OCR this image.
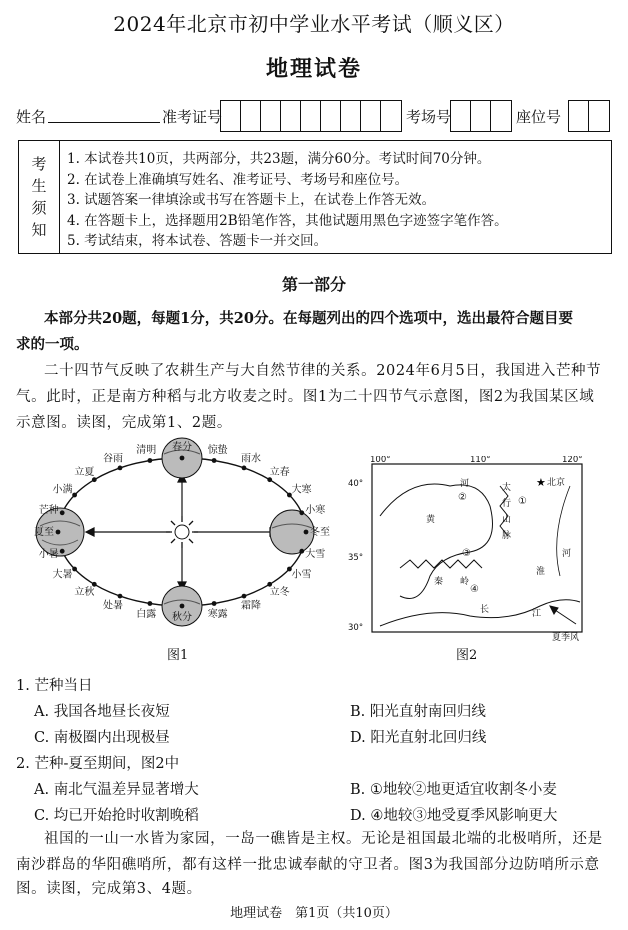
2024年北京市初中学业水平考试（顺义区）
地理试卷
姓名	准考证号	考场号	座位号
考
生
须
知
1. 本试卷共10页，共两部分，共23题，满分60分。考试时间70分钟。
2. 在试卷上准确填写姓名、准考证号、考场号和座位号。
3. 试题答案一律填涂或书写在答题卡上，在试卷上作答无效。
4. 在答题卡上，选择题用2B铅笔作答，其他试题用黑色字迹签字笔作答。
5. 考试结束，将本试卷、答题卡一并交回。
第一部分
本部分共20题，每题1分，共20分。在每题列出的四个选项中，选出最符合题目要
求的一项。
二十四节气反映了农耕生产与大自然节律的关系。2024年6月5日，我国进入芒种节
气。此时，正是南方种稻与北方收麦之时。图1为二十四节气示意图，图2为我国某区域
示意图。读图，完成第1、2题。
清明
谷雨
立夏
小满
芒种
夏至
小暑
大暑
立秋
处暑
白露 秋分 寒露
霜降
立冬
小雪
大雪
冬至
小寒
大寒
立春
雨水
惊蛰
春分
图1
100°	110°	120°
40°
35°
30°
★ 北京
太
行
山
脉
秦 岭
黄
河
长	江
淮
河
夏季风
①
②
③
④
图2
1. 芒种当日
A. 我国各地昼长夜短	B. 阳光直射南回归线
C. 南极圈内出现极昼	D. 阳光直射北回归线
2. 芒种-夏至期间，图2中
A. 南北气温差异显著增大	B. ①地较②地更适宜收割冬小麦
C. 均已开始抢时收割晚稻	D. ④地较③地受夏季风影响更大
祖国的一山一水皆为家园，一岛一礁皆是主权。无论是祖国最北端的北极哨所，还是
南沙群岛的华阳礁哨所，都有这样一批忠诚奉献的守卫者。图3为我国部分边防哨所示意
图。读图，完成第3、4题。
地理试卷　第1页（共10页）
